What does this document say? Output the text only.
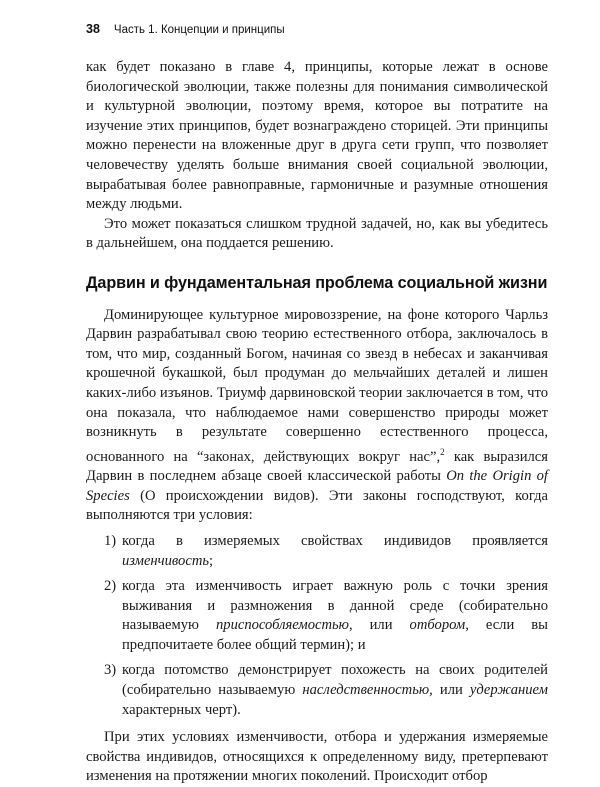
38 Часть 1. Концепции и принципы

как будет показано в главе 4, принципы, которые лежат в основе биологической эволюции, также полезны для понимания символической и культурной эволюции, поэтому время, которое вы потратите на изучение этих принципов, будет вознаграждено сторицей. Эти принципы можно перенести на вложенные друг в друга сети групп, что позволяет человечеству уделять больше внимания своей социальной эволюции, вырабатывая более равноправные, гармоничные и разумные отношения между людьми.

Это может показаться слишком трудной задачей, но, как вы убедитесь в дальнейшем, она поддается решению.

Дарвин и фундаментальная проблема социальной жизни

Доминирующее культурное мировоззрение, на фоне которого Чарльз Дарвин разрабатывал свою теорию естественного отбора, заключалось в том, что мир, созданный Богом, начиная со звезд в небесах и заканчивая крошечной букашкой, был продуман до мельчайших деталей и лишен каких-либо изъянов. Триумф дарвиновской теории заключается в том, что она показала, что наблюдаемое нами совершенство природы может возникнуть в результате совершенно естественного процесса, основанного на “законах, действующих вокруг нас”,$^2$ как выразился Дарвин в последнем абзаце своей классической работы On the Origin of Species (О происхождении видов). Эти законы господствуют, когда выполняются три условия:

1) когда в измеряемых свойствах индивидов проявляется изменчивость;
2) когда эта изменчивость играет важную роль с точки зрения выживания и размножения в данной среде (собирательно называемую приспособляемостью, или отбором, если вы предпочитаете более общий термин); и
3) когда потомство демонстрирует похожесть на своих родителей (собирательно называемую наследственностью, или удержанием характерных черт).

При этих условиях изменчивости, отбора и удержания измеряемые свойства индивидов, относящихся к определенному виду, претерпевают изменения на протяжении многих поколений. Происходит отбор
